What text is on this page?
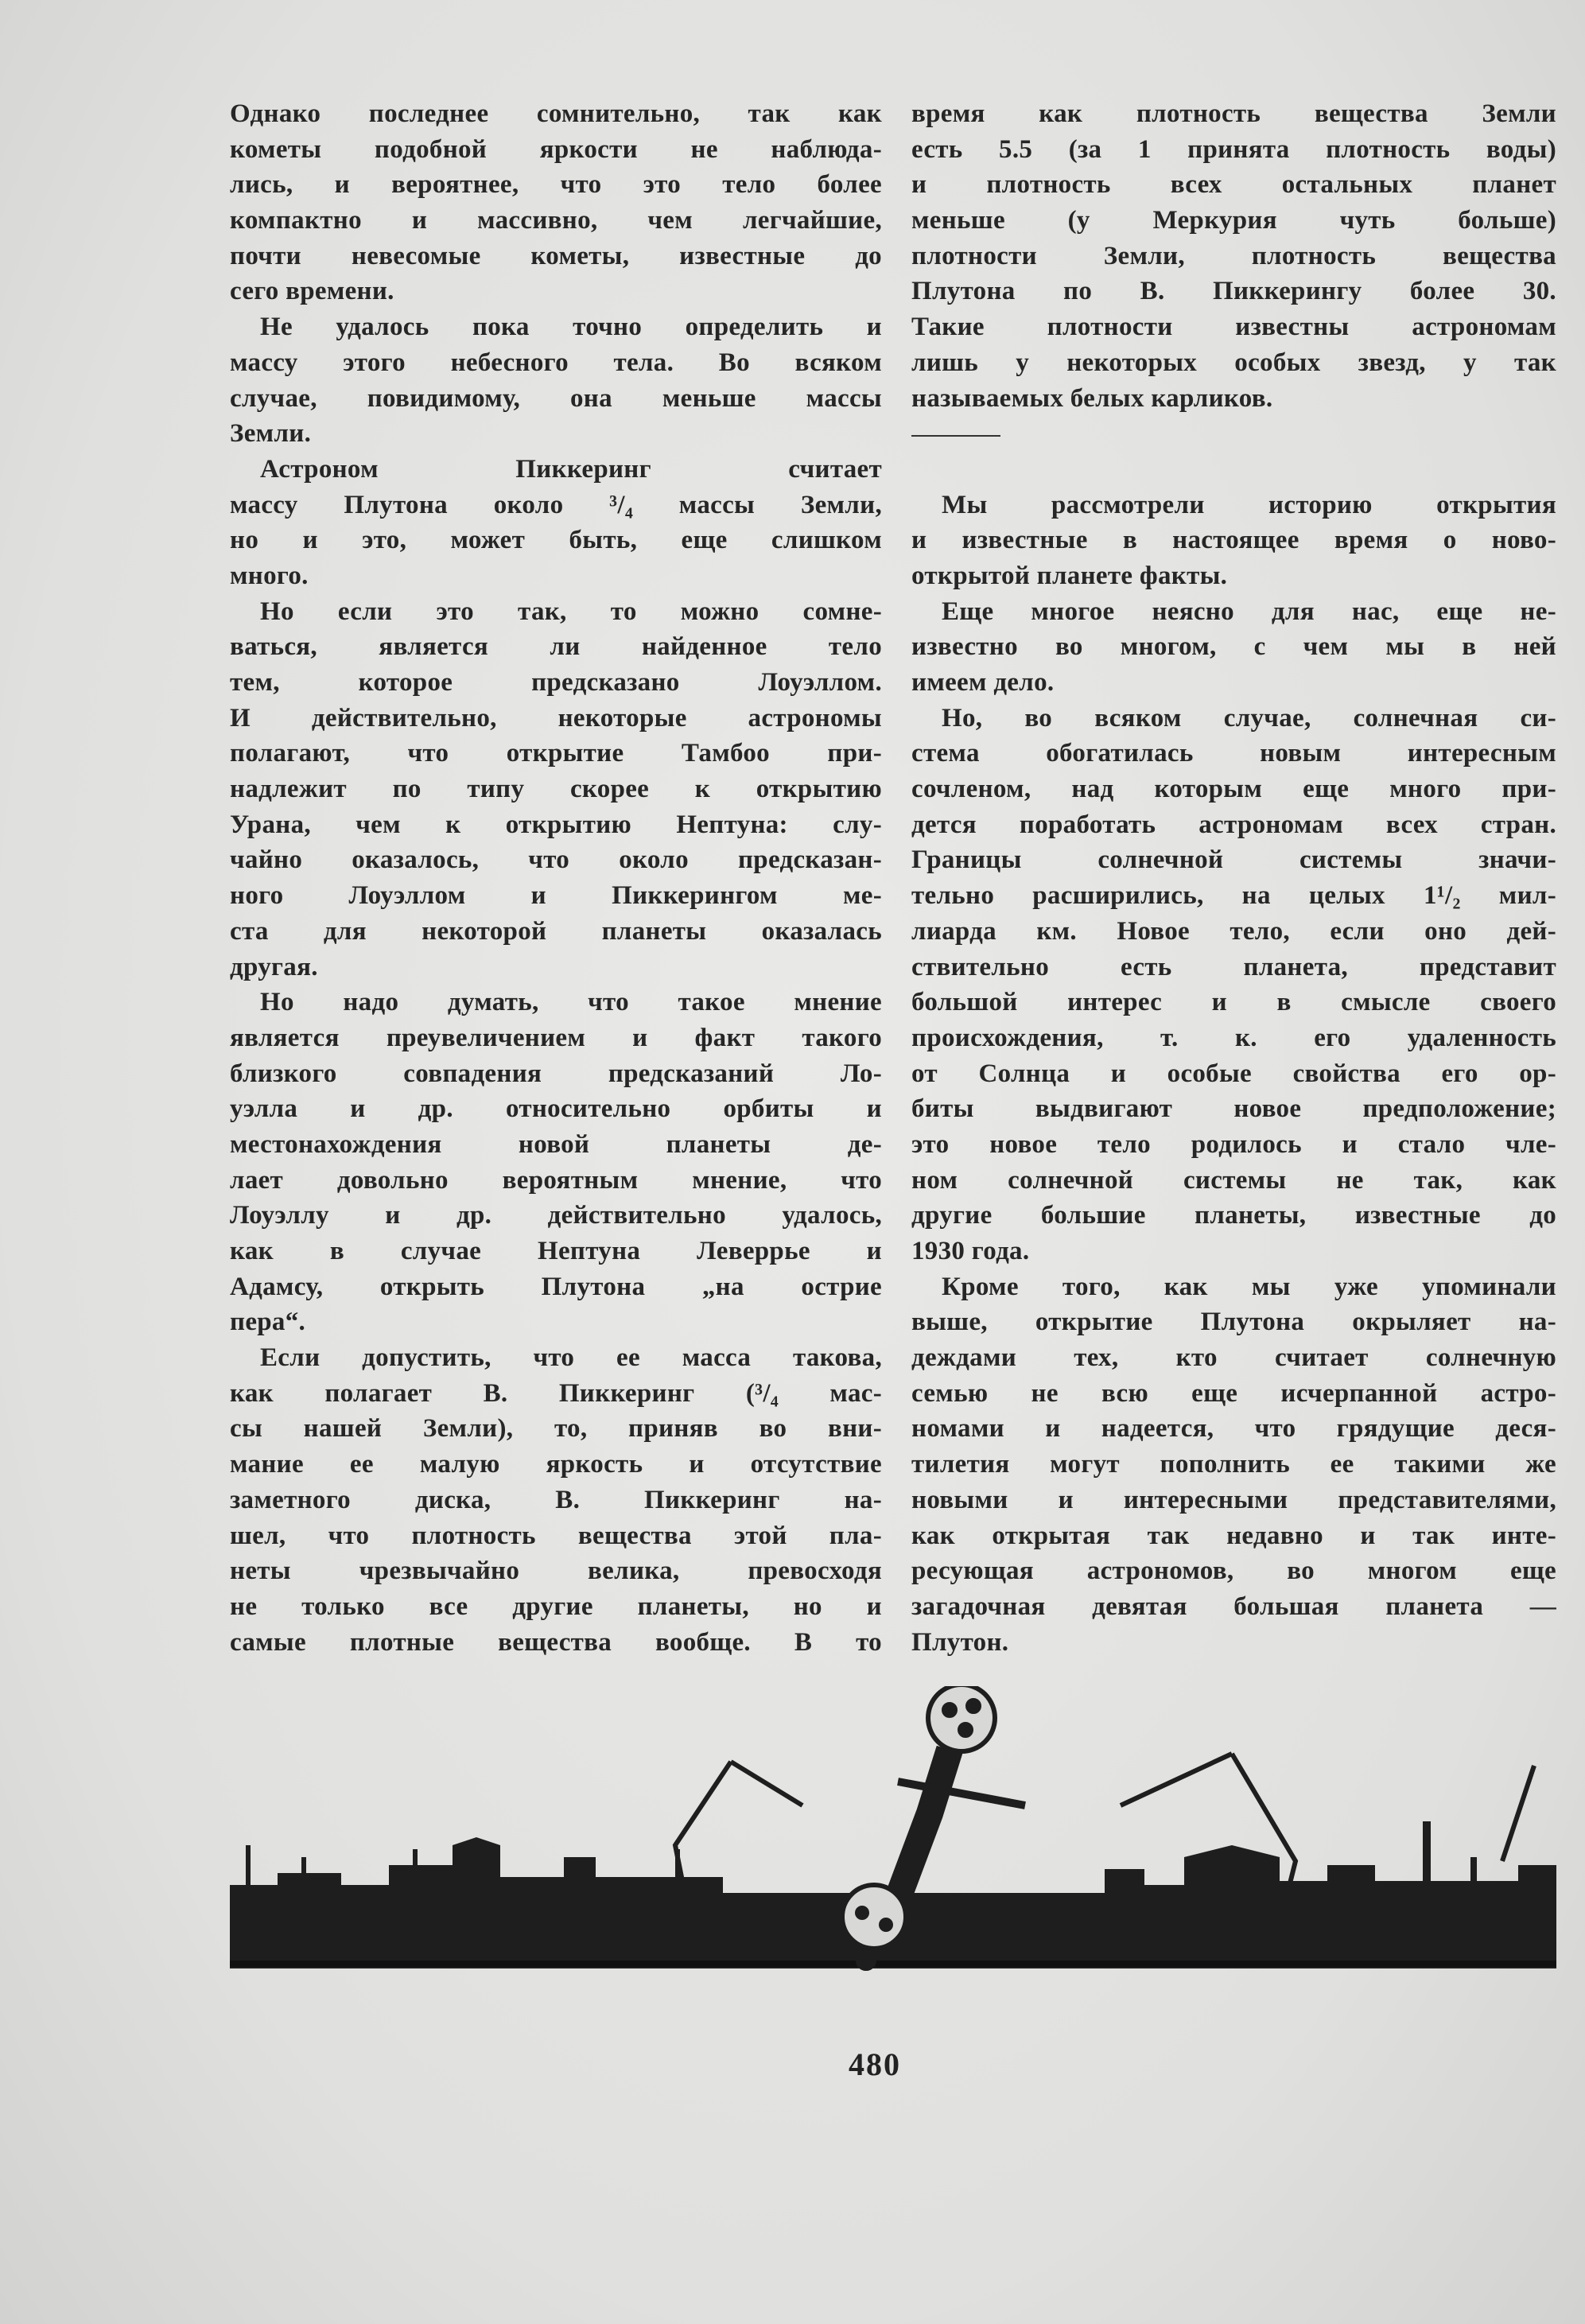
Однако последнее сомнительно, так как
кометы подобной яркости не наблюда-
лись, и вероятнее, что это тело более
компактно и массивно, чем легчайшие,
почти невесомые кометы, известные до
сего времени.
Не удалось пока точно определить и
массу этого небесного тела. Во всяком
случае, повидимому, она меньше массы
Земли.
Астроном Пиккеринг считает
массу Плутона около ³/₄ массы Земли,
но и это, может быть, еще слишком
много.
Но если это так, то можно сомне-
ваться, является ли найденное тело
тем, которое предсказано Лоуэллом.
И действительно, некоторые астрономы
полагают, что открытие Тамбоо при-
надлежит по типу скорее к открытию
Урана, чем к открытию Нептуна: слу-
чайно оказалось, что около предсказан-
ного Лоуэллом и Пиккерингом ме-
ста для некоторой планеты оказалась
другая.
Но надо думать, что такое мнение
является преувеличением и факт такого
близкого совпадения предсказаний Ло-
уэлла и др. относительно орбиты и
местонахождения новой планеты де-
лает довольно вероятным мнение, что
Лоуэллу и др. действительно удалось,
как в случае Нептуна Леверрье и
Адамсу, открыть Плутона „на острие
пера“.
Если допустить, что ее масса такова,
как полагает В. Пиккеринг (³/₄ мас-
сы нашей Земли), то, приняв во вни-
мание ее малую яркость и отсутствие
заметного диска, В. Пиккеринг на-
шел, что плотность вещества этой пла-
неты чрезвычайно велика, превосходя
не только все другие планеты, но и
самые плотные вещества вообще. В то
время как плотность вещества Земли
есть 5.5 (за 1 принята плотность воды)
и плотность всех остальных планет
меньше (у Меркурия чуть больше)
плотности Земли, плотность вещества
Плутона по В. Пиккерингу более 30.
Такие плотности известны астрономам
лишь у некоторых особых звезд, у так
называемых белых карликов.
Мы рассмотрели историю открытия
и известные в настоящее время о ново-
открытой планете факты.
Еще многое неясно для нас, еще не-
известно во многом, с чем мы в ней
имеем дело.
Но, во всяком случае, солнечная си-
стема обогатилась новым интересным
сочленом, над которым еще много при-
дется поработать астрономам всех стран.
Границы солнечной системы значи-
тельно расширились, на целых 1¹/₂ мил-
лиарда км. Новое тело, если оно дей-
ствительно есть планета, представит
большой интерес и в смысле своего
происхождения, т. к. его удаленность
от Солнца и особые свойства его ор-
биты выдвигают новое предположение;
это новое тело родилось и стало чле-
ном солнечной системы не так, как
другие большие планеты, известные до
1930 года.
Кроме того, как мы уже упоминали
выше, открытие Плутона окрыляет на-
деждами тех, кто считает солнечную
семью не всю еще исчерпанной астро-
номами и надеется, что грядущие деся-
тилетия могут пополнить ее такими же
новыми и интересными представителями,
как открытая так недавно и так инте-
ресующая астрономов, во многом еще
загадочная девятая большая планета —
Плутон.
480
